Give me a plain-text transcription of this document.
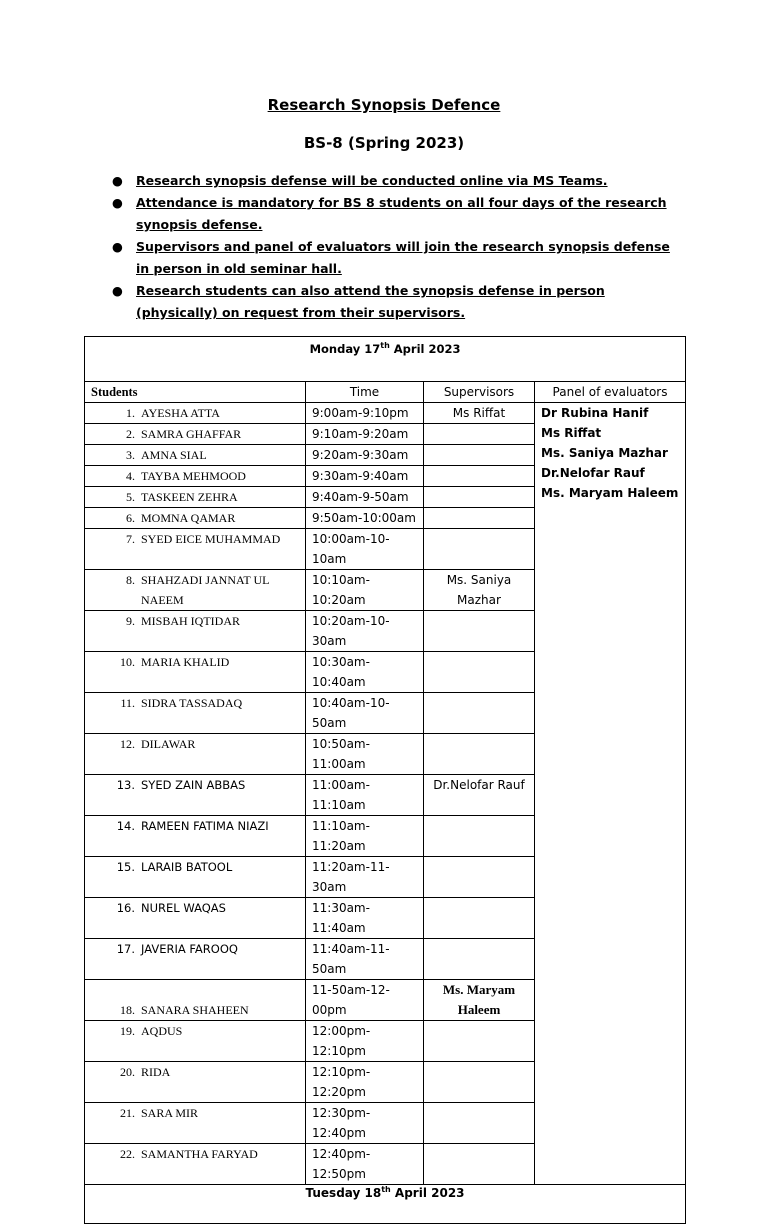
Research Synopsis Defence
BS-8 (Spring 2023)
● Research synopsis defense will be conducted online via MS Teams.
● Attendance is mandatory for BS 8 students on all four days of the research synopsis defense.
● Supervisors and panel of evaluators will join the research synopsis defense in person in old seminar hall.
● Research students can also attend the synopsis defense in person (physically) on request from their supervisors.
Monday 17th April 2023			
Students	Time	Supervisors	Panel of evaluators
1. AYESHA ATTA	9:00am-9:10pm	Ms Riffat	Dr Rubina Hanif
Ms Riffat
Ms. Saniya Mazhar
Dr.Nelofar Rauf
Ms. Maryam Haleem

2. SAMRA GHAFFAR	9:10am-9:20am		
3. AMNA SIAL	9:20am-9:30am		
4. TAYBA MEHMOOD	9:30am-9:40am		
5. TASKEEN ZEHRA	9:40am-9-50am		
6. MOMNA QAMAR	9:50am-10:00am		
7. SYED EICE MUHAMMAD	10:00am-10-10am		
8. SHAHZADI JANNAT UL NAEEM	10:10am-10:20am	Ms. Saniya Mazhar	
9. MISBAH IQTIDAR	10:20am-10-30am		
10. MARIA KHALID	10:30am-10:40am		
11. SIDRA TASSADAQ	10:40am-10-50am		
12. DILAWAR	10:50am-11:00am		
13. SYED ZAIN ABBAS	11:00am-11:10am	Dr.Nelofar Rauf	
14. RAMEEN FATIMA NIAZI	11:10am-11:20am		
15. LARAIB BATOOL	11:20am-11-30am		
16. NUREL WAQAS	11:30am-11:40am		
17. JAVERIA FAROOQ	11:40am-11-50am		
18. SANARA SHAHEEN	11-50am-12-00pm	Ms. Maryam Haleem	
19. AQDUS	12:00pm-12:10pm		
20. RIDA	12:10pm-12:20pm		
21. SARA MIR	12:30pm-12:40pm		
22. SAMANTHA FARYAD	12:40pm-12:50pm		
Tuesday 18th April 2023			
